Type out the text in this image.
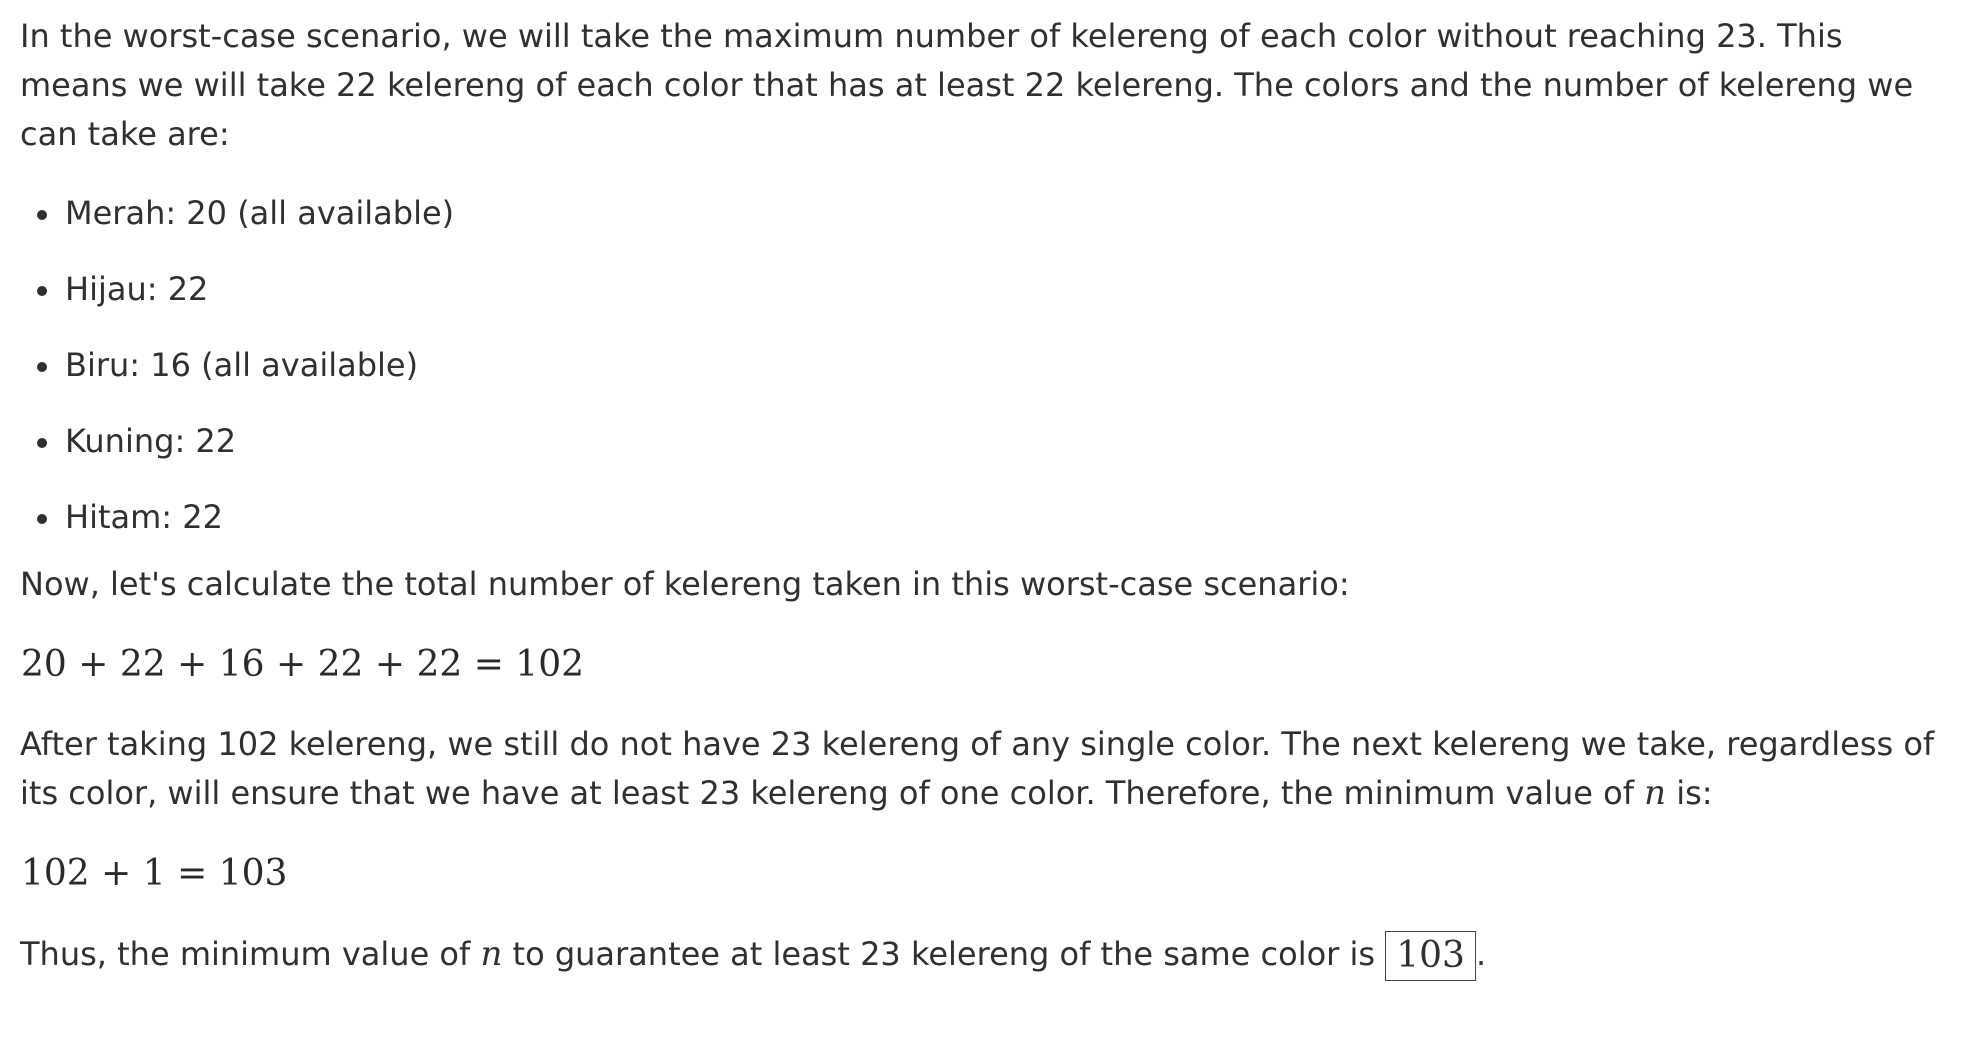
In the worst-case scenario, we will take the maximum number of kelereng of each color without reaching 23. This means we will take 22 kelereng of each color that has at least 22 kelereng. The colors and the number of kelereng we can take are:

Merah: 20 (all available)
Hijau: 22
Biru: 16 (all available)
Kuning: 22
Hitam: 22

Now, let's calculate the total number of kelereng taken in this worst-case scenario:

20 + 22 + 16 + 22 + 22 = 102

After taking 102 kelereng, we still do not have 23 kelereng of any single color. The next kelereng we take, regardless of its color, will ensure that we have at least 23 kelereng of one color. Therefore, the minimum value of n is:

102 + 1 = 103

Thus, the minimum value of n to guarantee at least 23 kelereng of the same color is 103 .
